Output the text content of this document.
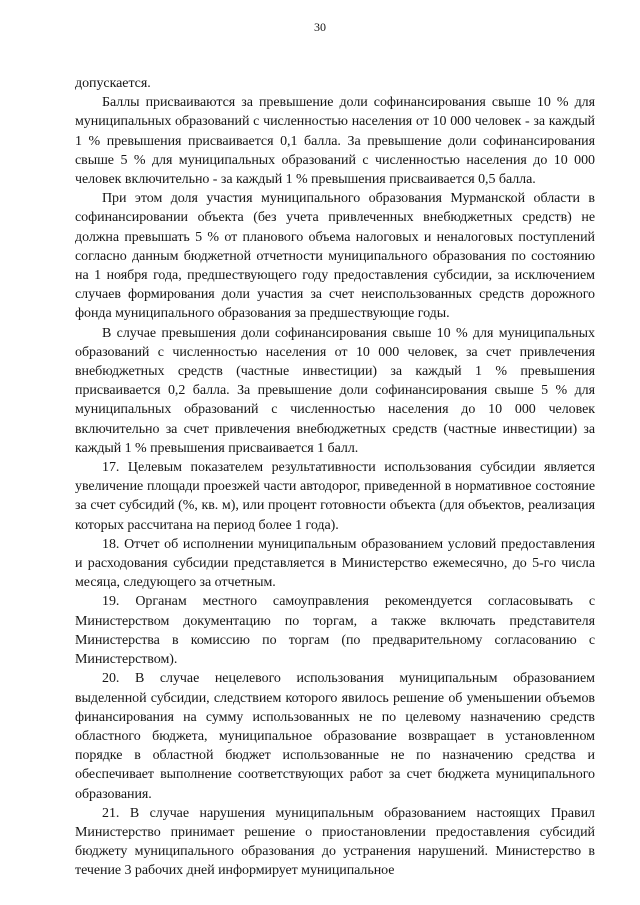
30

допускается.

Баллы присваиваются за превышение доли софинансирования свыше 10 % для муниципальных образований с численностью населения от 10 000 человек - за каждый 1 % превышения присваивается 0,1 балла. За превышение доли софинансирования свыше 5 % для муниципальных образований с численностью населения до 10 000 человек включительно - за каждый 1 % превышения присваивается 0,5 балла.

При этом доля участия муниципального образования Мурманской области в софинансировании объекта (без учета привлеченных внебюджетных средств) не должна превышать 5 % от планового объема налоговых и неналоговых поступлений согласно данным бюджетной отчетности муниципального образования по состоянию на 1 ноября года, предшествующего году предоставления субсидии, за исключением случаев формирования доли участия за счет неиспользованных средств дорожного фонда муниципального образования за предшествующие годы.

В случае превышения доли софинансирования свыше 10 % для муниципальных образований с численностью населения от 10 000 человек, за счет привлечения внебюджетных средств (частные инвестиции) за каждый 1 % превышения присваивается 0,2 балла. За превышение доли софинансирования свыше 5 % для муниципальных образований с численностью населения до 10 000 человек включительно за счет привлечения внебюджетных средств (частные инвестиции) за каждый 1 % превышения присваивается 1 балл.

17. Целевым показателем результативности использования субсидии является увеличение площади проезжей части автодорог, приведенной в нормативное состояние за счет субсидий (%, кв. м), или процент готовности объекта (для объектов, реализация которых рассчитана на период более 1 года).

18. Отчет об исполнении муниципальным образованием условий предоставления и расходования субсидии представляется в Министерство ежемесячно, до 5-го числа месяца, следующего за отчетным.

19. Органам местного самоуправления рекомендуется согласовывать с Министерством документацию по торгам, а также включать представителя Министерства в комиссию по торгам (по предварительному согласованию с Министерством).

20. В случае нецелевого использования муниципальным образованием выделенной субсидии, следствием которого явилось решение об уменьшении объемов финансирования на сумму использованных не по целевому назначению средств областного бюджета, муниципальное образование возвращает в установленном порядке в областной бюджет использованные не по назначению средства и обеспечивает выполнение соответствующих работ за счет бюджета муниципального образования.

21. В случае нарушения муниципальным образованием настоящих Правил Министерство принимает решение о приостановлении предоставления субсидий бюджету муниципального образования до устранения нарушений. Министерство в течение 3 рабочих дней информирует муниципальное
